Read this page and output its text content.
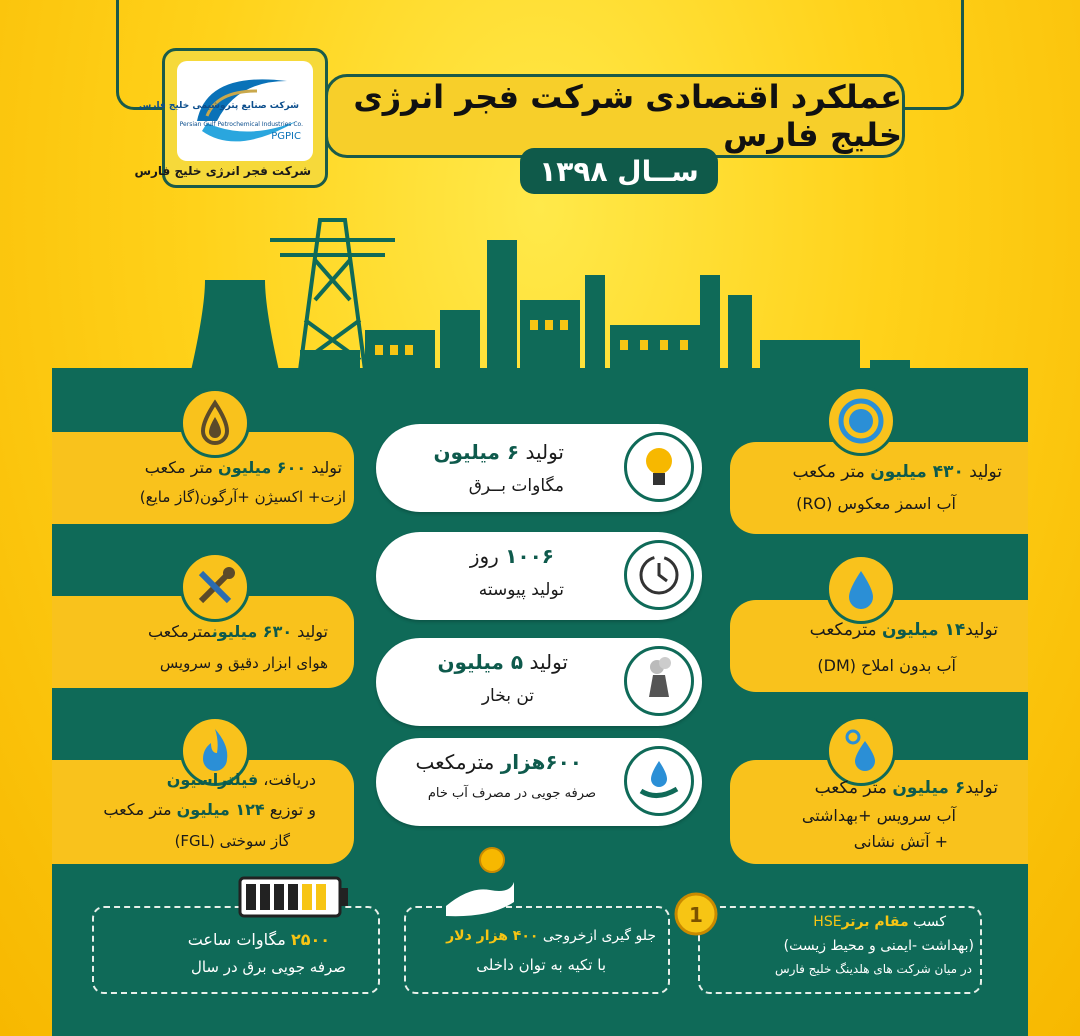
شرکت صنایع پتروشیمی خلیج فارس
Persian Gulf Petrochemical Industries Co.
PGPIC
شرکت فجر انرژی خلیج فارس
عملکرد اقتصادی شرکت فجر انرژی خلیج فارس
ســال ۱۳۹۸
تولید ۶۰۰ میلیون متر مکعب
ازت+ اکسیژن +آرگون(گاز مایع)
تولید ۶۳۰ میلیونمترمکعب
هوای ابزار دقیق و سرویس
دریافت، فیلتراسیون
و توزیع ۱۲۴ میلیون متر مکعب
گاز سوختی (FGL)
تولید ۶ میلیون
مگاوات بــرق
۱۰۰۶ روز
تولید پیوسته
تولید ۵ میلیون
تن بخار
۶۰۰هزار مترمکعب
صرفه جویی در مصرف آب خام
تولید ۴۳۰ میلیون متر مکعب
آب اسمز معکوس (RO)
تولید۱۴ میلیون مترمکعب
آب بدون املاح (DM)
تولید۶ میلیون متر مکعب
آب سرویس +بهداشتی
+ آتش نشانی
1
۲۵۰۰ مگاوات ساعت
صرفه جویی برق در سال
جلو گیری ازخروجی ۴۰۰ هزار دلار
با تکیه به توان داخلی
کسب مقام برترHSE
(بهداشت -ایمنی و محیط زیست)
در میان شرکت های هلدینگ خلیج فارس
